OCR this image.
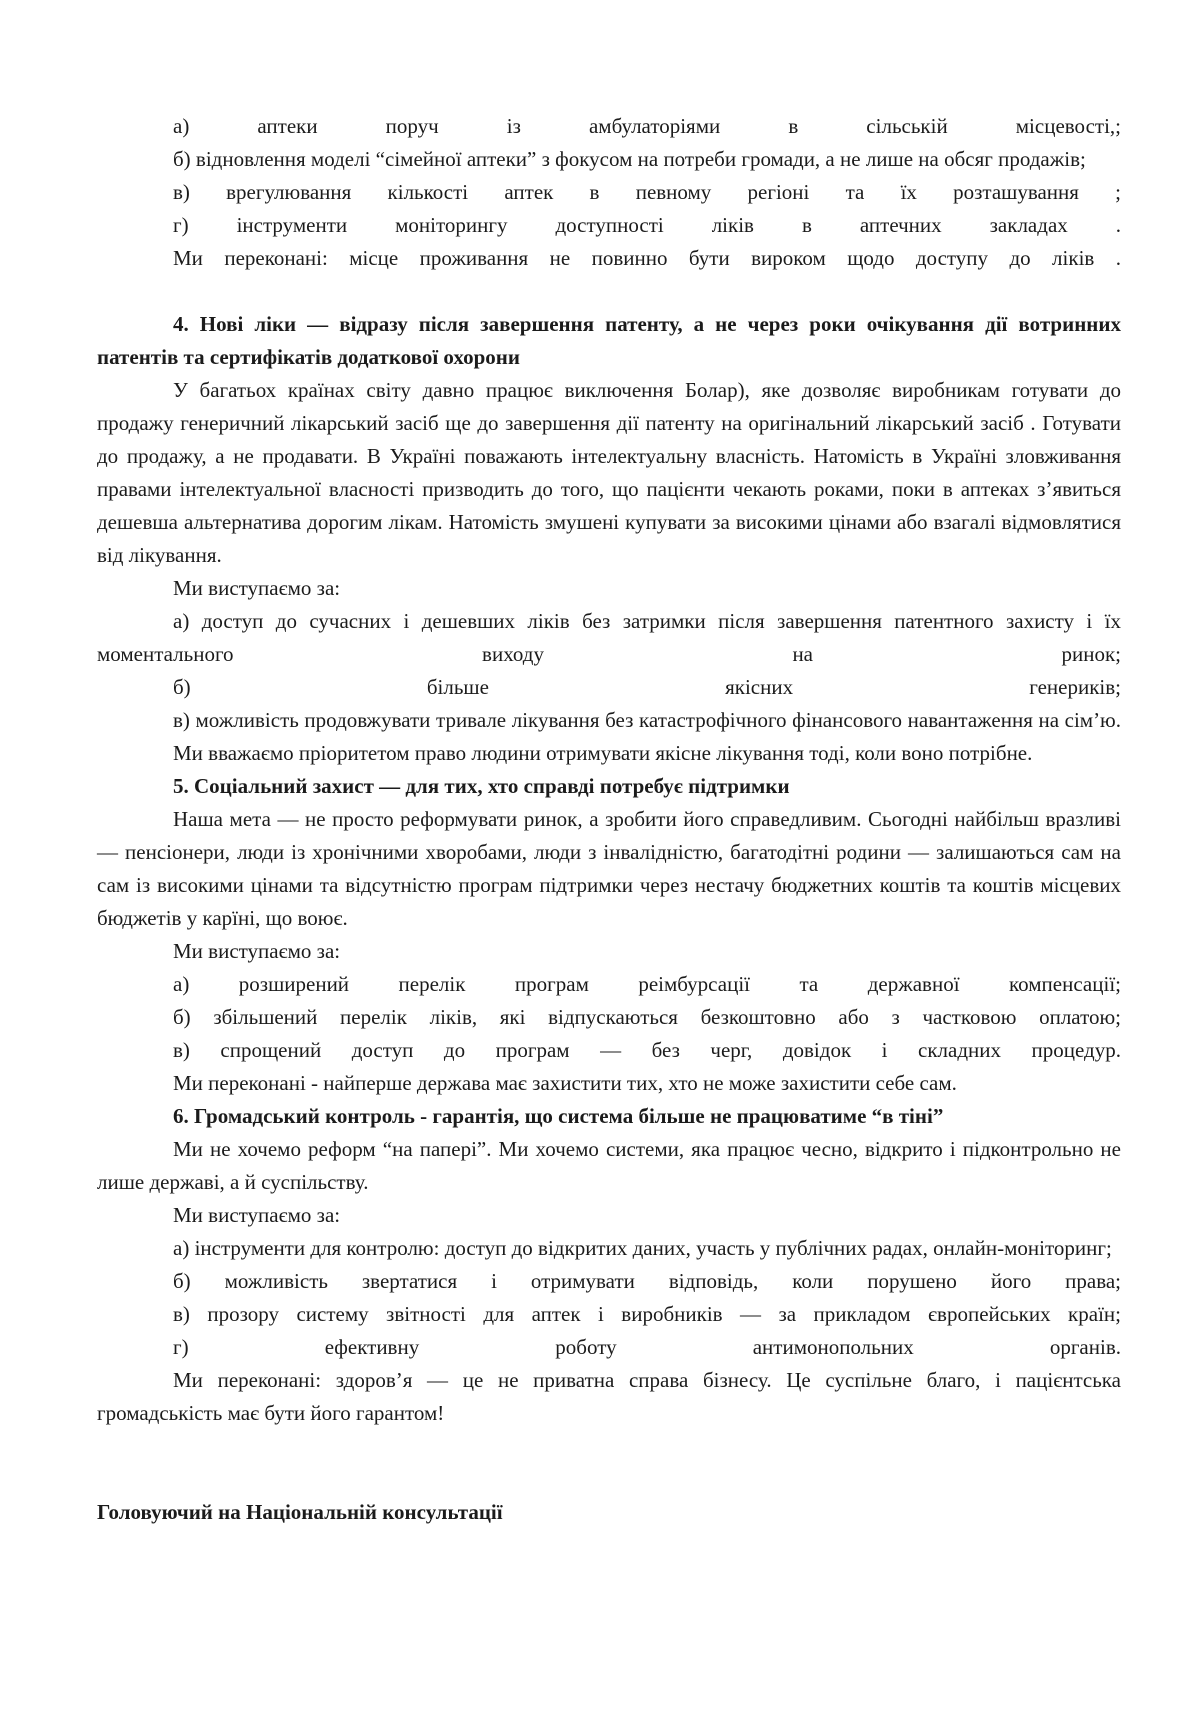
а) аптеки поруч із амбулаторіями в сільській місцевості,;

б) відновлення моделі “сімейної аптеки” з фокусом на потреби громади, а не лише на обсяг продажів;

в) врегулювання кількості аптек в певному регіоні та їх розташування ;

г) інструменти моніторингу доступності ліків в аптечних закладах .

Ми переконані: місце проживання не повинно бути вироком щодо доступу до ліків .

4. Нові ліки — відразу після завершення патенту, а не через роки очікування дії вотринних патентів та сертифікатів додаткової охорони

У багатьох країнах світу давно працює виключення Болар), яке дозволяє виробникам готувати до продажу генеричний лікарський засіб ще до завершення дії патенту на оригінальний лікарський засіб . Готувати до продажу, а не продавати. В Україні поважають інтелектуальну власність. Натомість в Україні зловживання правами інтелектуальної власності призводить до того, що пацієнти чекають роками, поки в аптеках з’явиться дешевша альтернатива дорогим лікам. Натомість змушені купувати за високими цінами або взагалі відмовлятися від лікування.

Ми виступаємо за:

а) доступ до сучасних і дешевших ліків без затримки після завершення патентного захисту і їх моментального виходу на ринок;

б) більше якісних генериків;

в) можливість продовжувати тривале лікування без катастрофічного фінансового навантаження на сім’ю.

Ми вважаємо пріоритетом право людини отримувати якісне лікування тоді, коли воно потрібне.

5. Соціальний захист — для тих, хто справді потребує підтримки

Наша мета — не просто реформувати ринок, а зробити його справедливим. Сьогодні найбільш вразливі — пенсіонери, люди із хронічними хворобами, люди з інвалідністю, багатодітні родини — залишаються сам на сам із високими цінами та відсутністю програм підтримки через нестачу бюджетних коштів та коштів місцевих бюджетів у карїні, що воює.

Ми виступаємо за:

а) розширений перелік програм реімбурсації та державної компенсації;

б) збільшений перелік ліків, які відпускаються безкоштовно або з частковою оплатою;

в) спрощений доступ до програм — без черг, довідок і складних процедур.

Ми переконані - найперше держава має захистити тих, хто не може захистити себе сам.

6. Громадський контроль - гарантія, що система більше не працюватиме “в тіні”

Ми не хочемо реформ “на папері”. Ми хочемо системи, яка працює чесно, відкрито і підконтрольно не лише державі, а й суспільству.

Ми виступаємо за:

а) інструменти для контролю: доступ до відкритих даних, участь у публічних радах, онлайн-моніторинг;

б) можливість звертатися і отримувати відповідь, коли порушено його права;

в) прозору систему звітності для аптек і виробників — за прикладом європейських країн;

г) ефективну роботу антимонопольних органів.

Ми переконані: здоров’я — це не приватна справа бізнесу. Це суспільне благо, і пацієнтська громадськість має бути його гарантом!

Головуючий на Національній консультації
